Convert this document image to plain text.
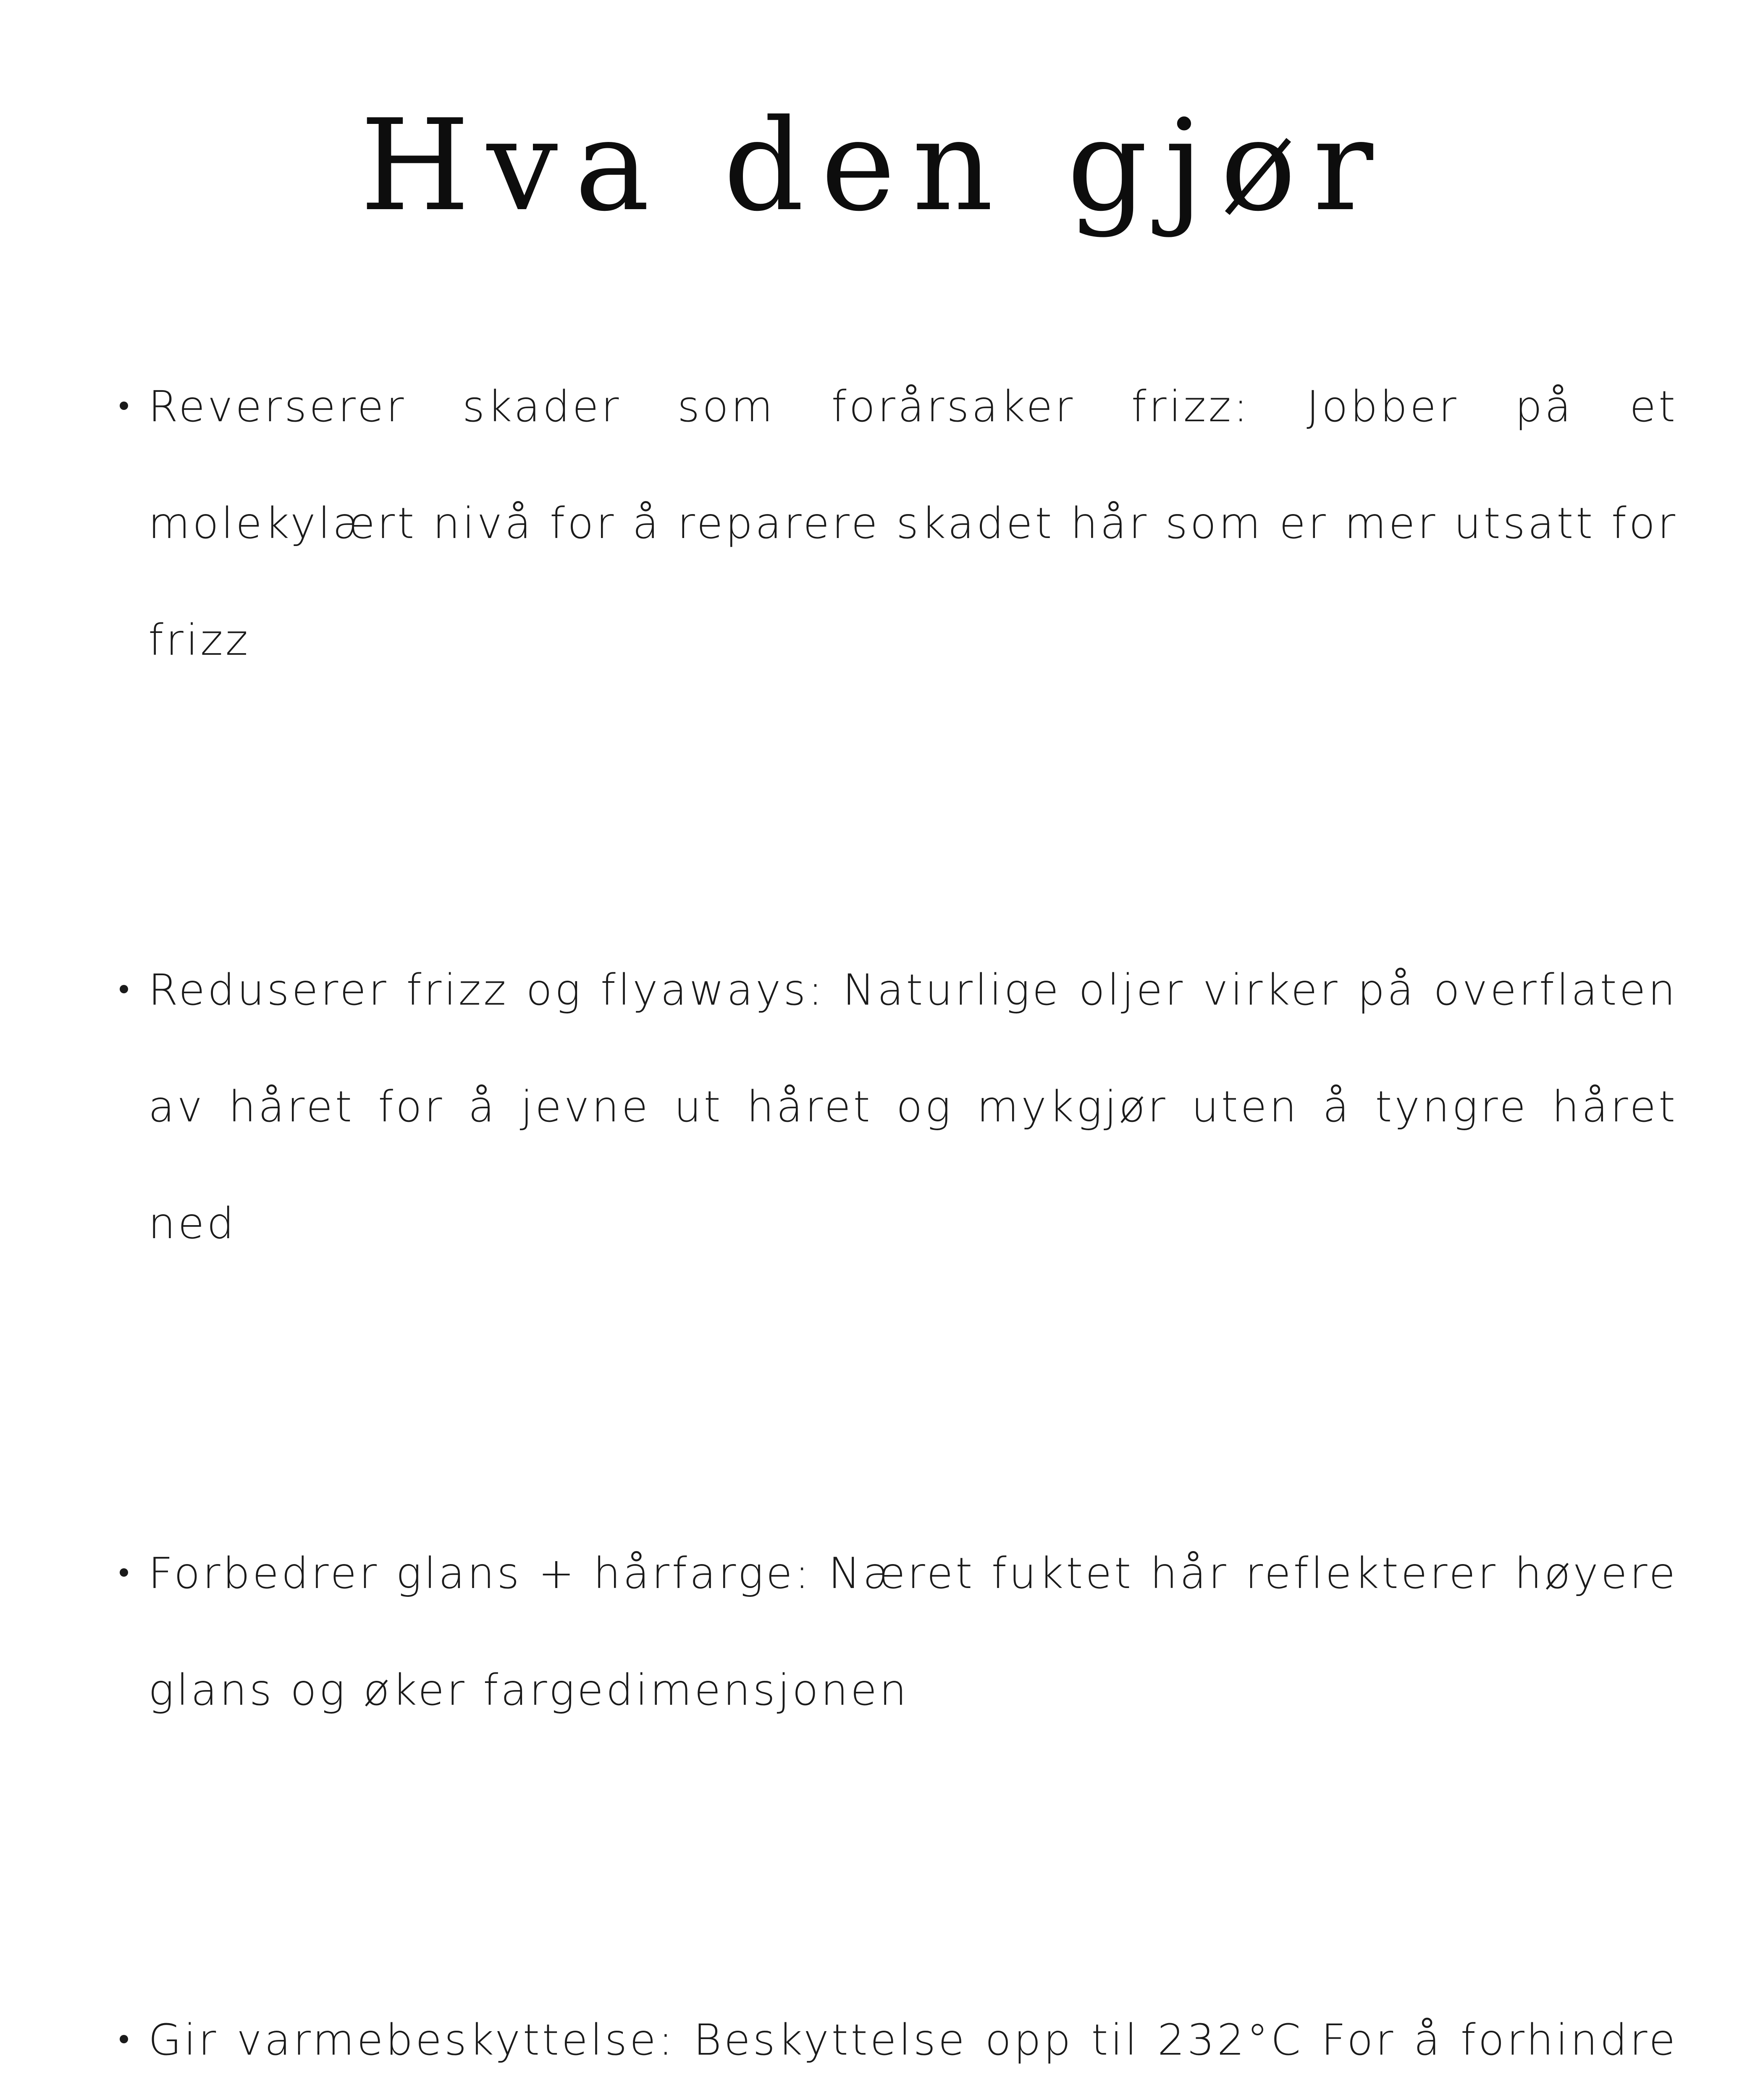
Hva den gjør
Reverserer skader som forårsaker frizz: Jobber på et molekylært nivå for å reparere skadet hår som er mer utsatt for frizz
Reduserer frizz og flyaways: Naturlige oljer virker på overflaten av håret for å jevne ut håret og mykgjør uten å tyngre håret ned
Forbedrer glans + hårfarge: Næret fuktet hår reflekterer høyere glans og øker fargedimensjonen
Gir varmebeskyttelse: Beskyttelse opp til 232°C For å forhindre
